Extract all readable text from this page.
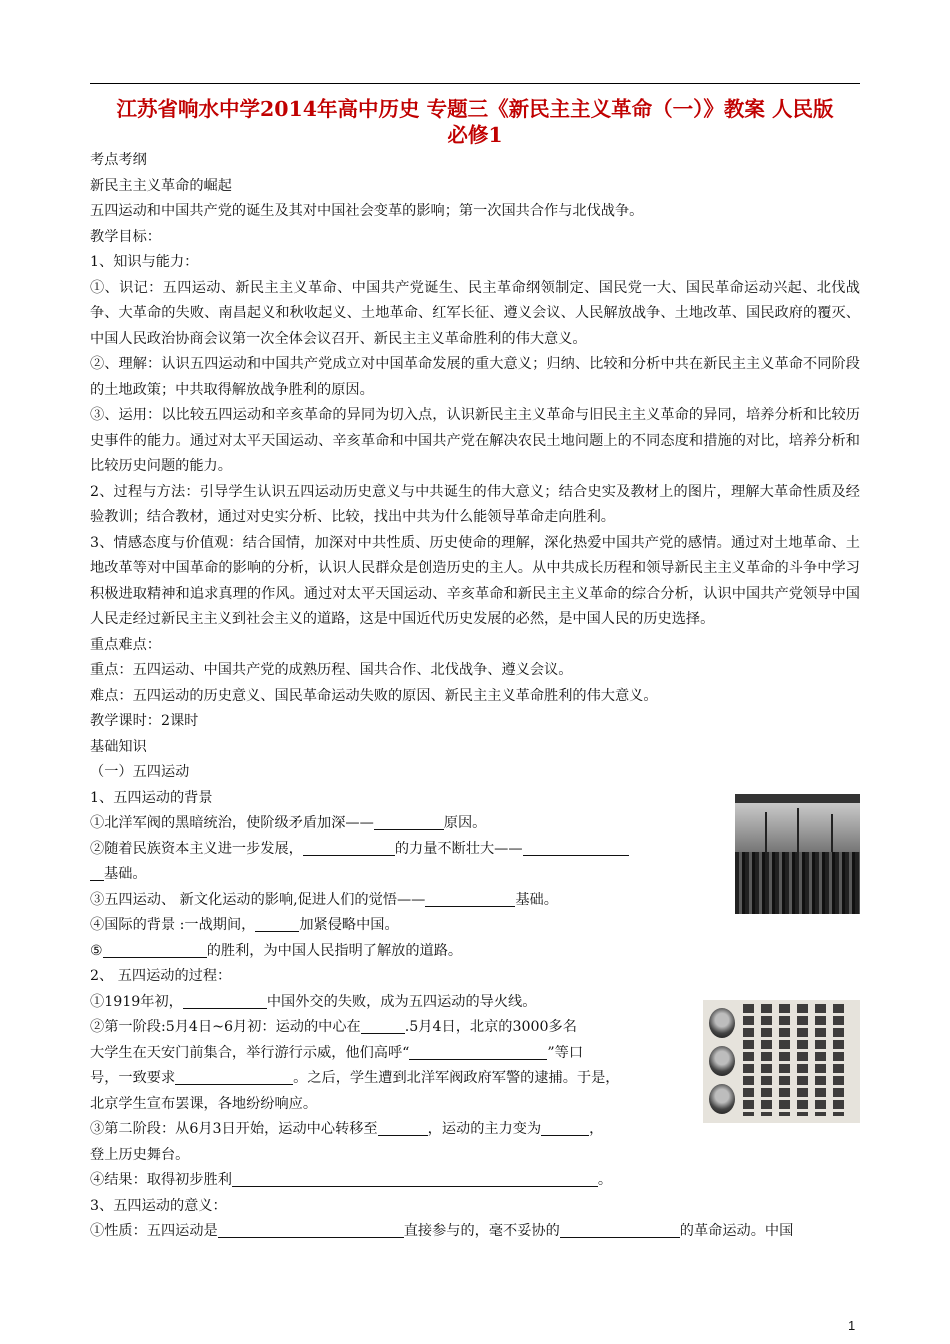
江苏省响水中学2014年高中历史 专题三《新民主主义革命（一）》教案 人民版
必修1

考点考纲

新民主主义革命的崛起

五四运动和中国共产党的诞生及其对中国社会变革的影响；第一次国共合作与北伐战争。

教学目标：

1、知识与能力：

①、识记：五四运动、新民主主义革命、中国共产党诞生、民主革命纲领制定、国民党一大、国民革命运动兴起、北伐战争、大革命的失败、南昌起义和秋收起义、土地革命、红军长征、遵义会议、人民解放战争、土地改革、国民政府的覆灭、中国人民政治协商会议第一次全体会议召开、新民主主义革命胜利的伟大意义。

②、理解：认识五四运动和中国共产党成立对中国革命发展的重大意义；归纳、比较和分析中共在新民主主义革命不同阶段的土地政策；中共取得解放战争胜利的原因。

③、运用：以比较五四运动和辛亥革命的异同为切入点，认识新民主主义革命与旧民主主义革命的异同，培养分析和比较历史事件的能力。通过对太平天国运动、辛亥革命和中国共产党在解决农民土地问题上的不同态度和措施的对比，培养分析和比较历史问题的能力。

2、过程与方法：引导学生认识五四运动历史意义与中共诞生的伟大意义；结合史实及教材上的图片，理解大革命性质及经验教训；结合教材，通过对史实分析、比较，找出中共为什么能领导革命走向胜利。

3、情感态度与价值观：结合国情，加深对中共性质、历史使命的理解，深化热爱中国共产党的感情。通过对土地革命、土地改革等对中国革命的影响的分析，认识人民群众是创造历史的主人。从中共成长历程和领导新民主主义革命的斗争中学习积极进取精神和追求真理的作风。通过对太平天国运动、辛亥革命和新民主主义革命的综合分析，认识中国共产党领导中国人民走经过新民主主义到社会主义的道路，这是中国近代历史发展的必然，是中国人民的历史选择。

重点难点：

重点：五四运动、中国共产党的成熟历程、国共合作、北伐战争、遵义会议。

难点：五四运动的历史意义、国民革命运动失败的原因、新民主主义革命胜利的伟大意义。

教学课时：2课时

基础知识

（一）五四运动

1、五四运动的背景

①北洋军阀的黑暗统治，使阶级矛盾加深——	原因。

②随着民族资本主义进一步发展，	的力量不断壮大——

基础。

③五四运动、 新文化运动的影响,促进人们的觉悟——	基础。

④国际的背景 :一战期间，	加紧侵略中国。

⑤	的胜利，为中国人民指明了解放的道路。

2、 五四运动的过程：

①1919年初，	中国外交的失败，成为五四运动的导火线。

②第一阶段:5月4日~6月初：运动的中心在	.5月4日，北京的3000多名

大学生在天安门前集合，举行游行示威，他们高呼“	”等口

号，一致要求	。之后，学生遭到北洋军阀政府军警的逮捕。于是，

北京学生宣布罢课，各地纷纷响应。

③第二阶段：从6月3日开始，运动中心转移至	，运动的主力变为	，

登上历史舞台。

④结果：取得初步胜利	。

3、五四运动的意义：

①性质：五四运动是	直接参与的，毫不妥协的	的革命运动。中国

1
